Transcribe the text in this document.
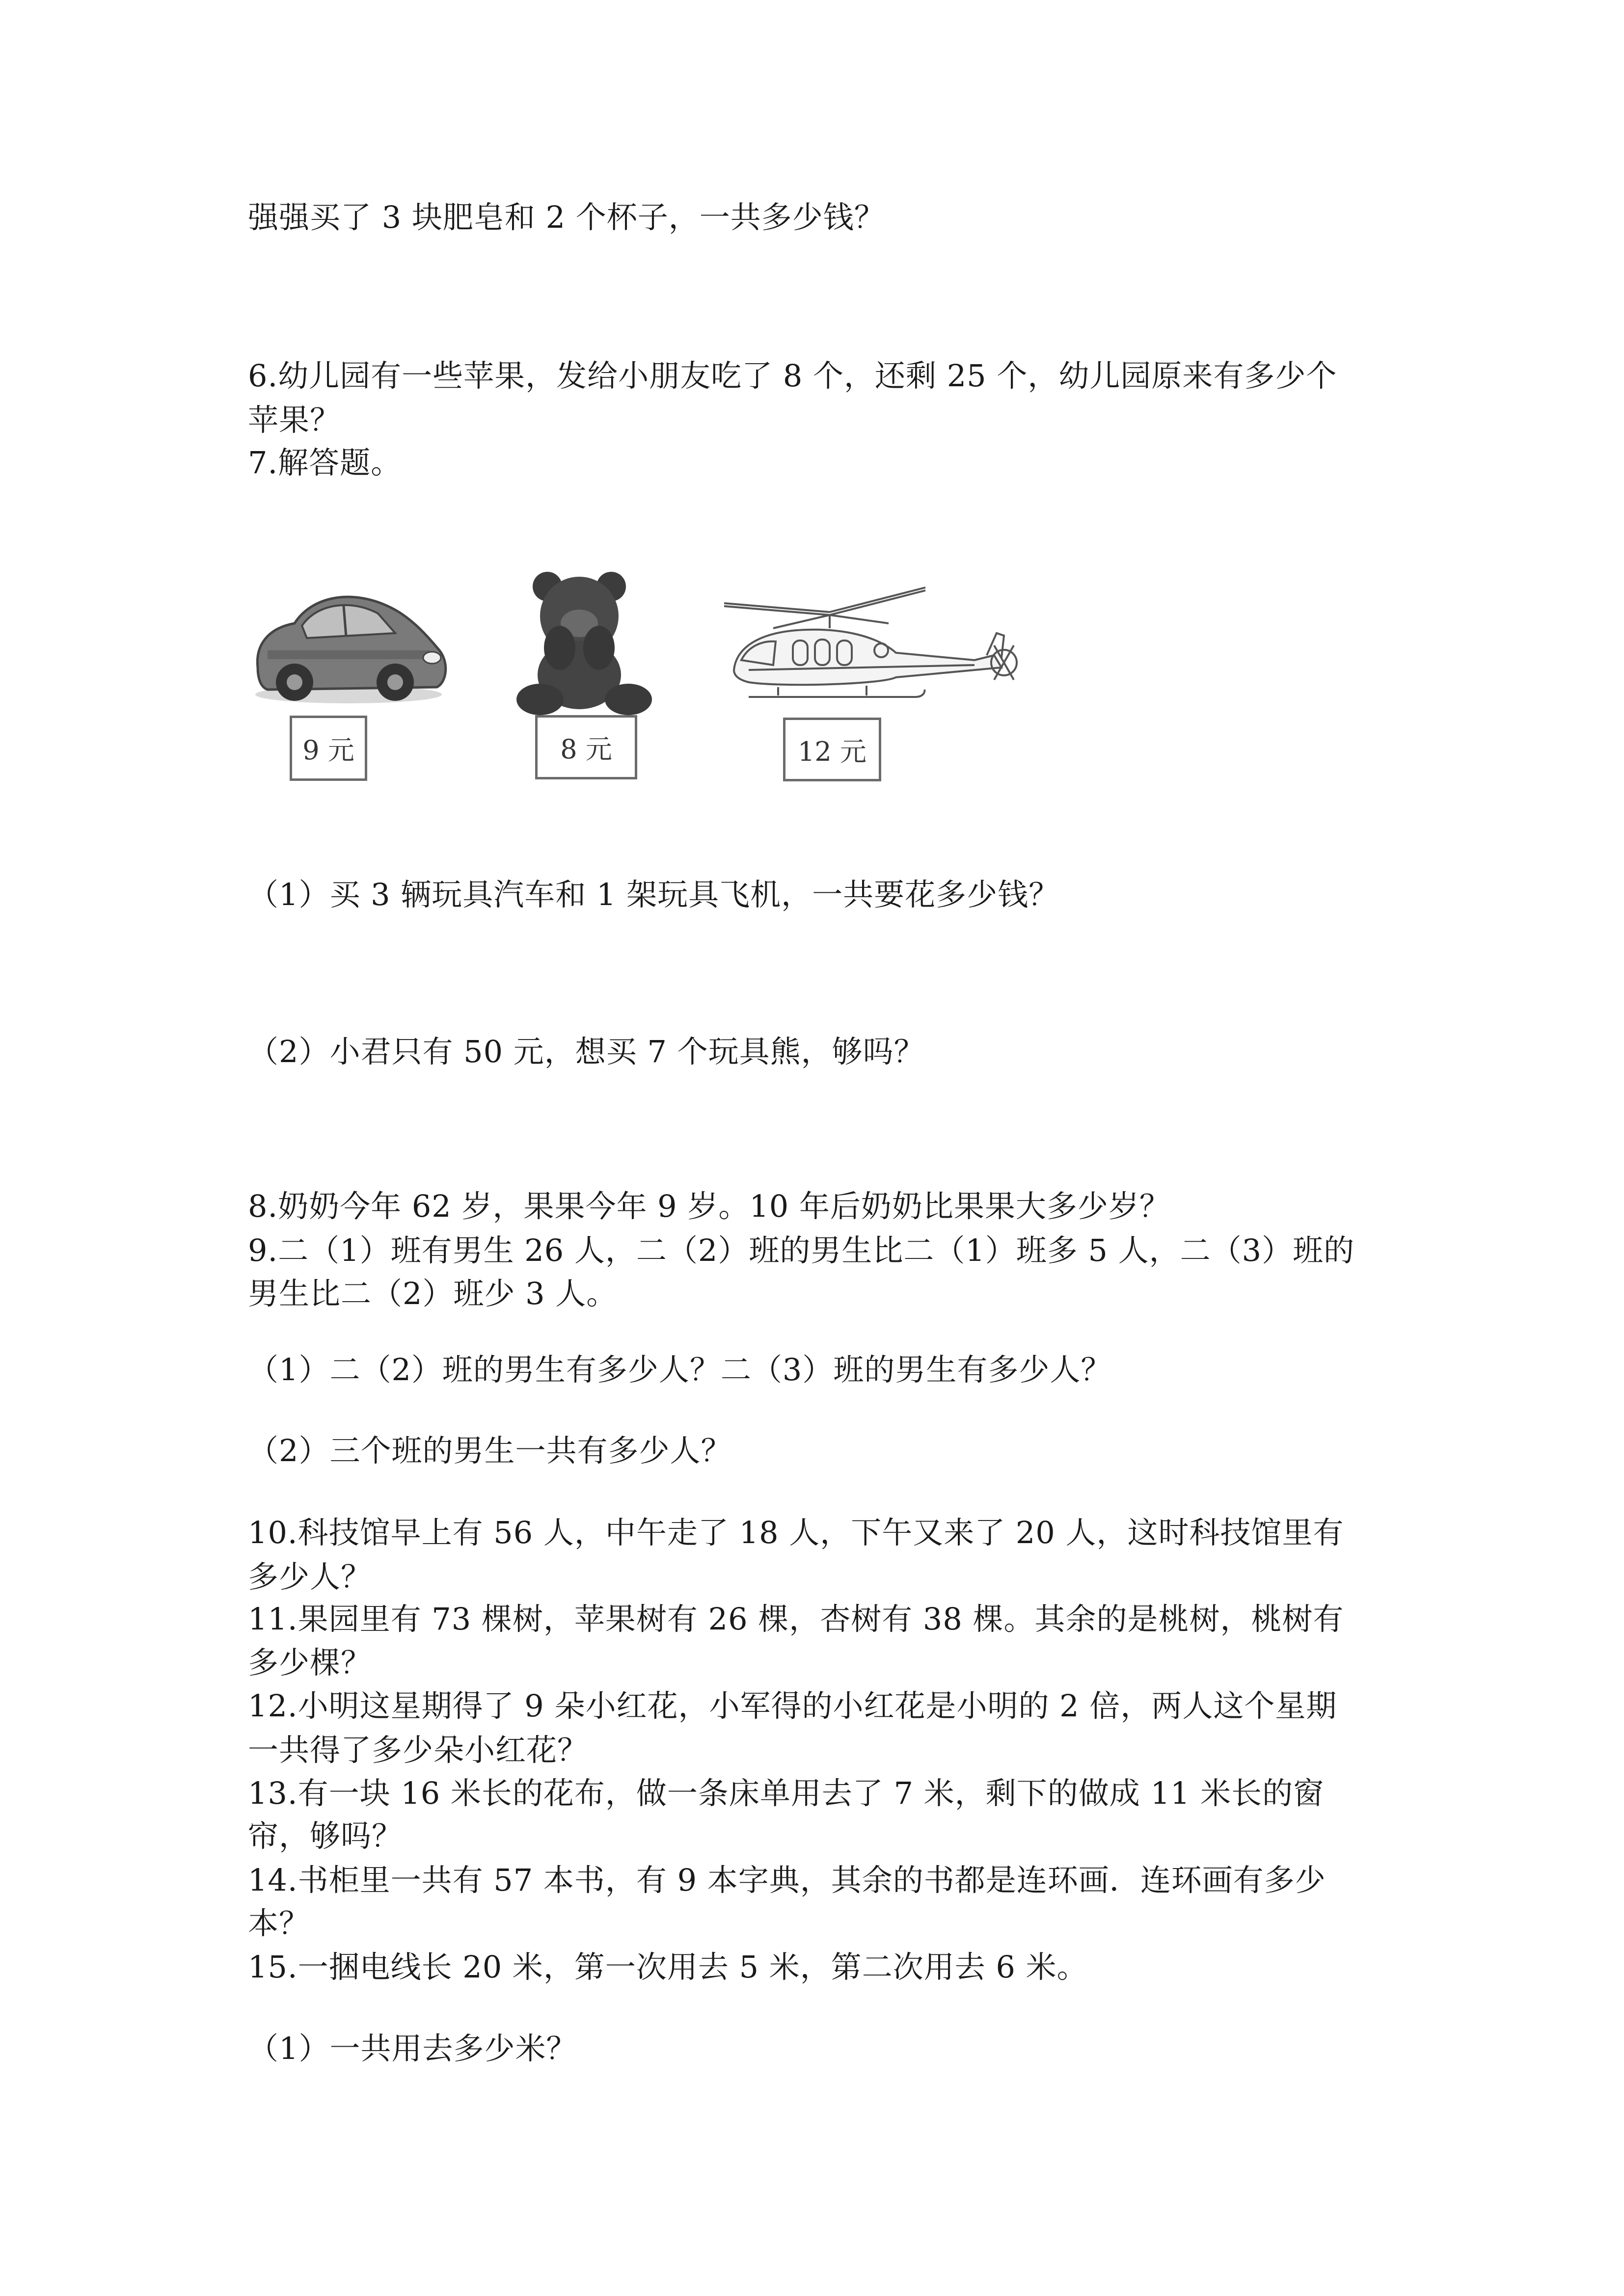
强强买了 3 块肥皂和 2 个杯子，一共多少钱？
6.幼儿园有一些苹果，发给小朋友吃了 8 个，还剩 25 个，幼儿园原来有多少个
苹果？
7.解答题。
9 元	8 元	12 元
（1）买 3 辆玩具汽车和 1 架玩具飞机，一共要花多少钱？
（2）小君只有 50 元，想买 7 个玩具熊，够吗？
8.奶奶今年 62 岁，果果今年 9 岁。10 年后奶奶比果果大多少岁？
9.二（1）班有男生 26 人，二（2）班的男生比二（1）班多 5 人，二（3）班的
男生比二（2）班少 3 人。
（1）二（2）班的男生有多少人？二（3）班的男生有多少人？
（2）三个班的男生一共有多少人？
10.科技馆早上有 56 人，中午走了 18 人，下午又来了 20 人，这时科技馆里有
多少人？
11.果园里有 73 棵树，苹果树有 26 棵，杏树有 38 棵。其余的是桃树，桃树有
多少棵？
12.小明这星期得了 9 朵小红花，小军得的小红花是小明的 2 倍，两人这个星期
一共得了多少朵小红花？
13.有一块 16 米长的花布，做一条床单用去了 7 米，剩下的做成 11 米长的窗
帘，够吗？
14.书柜里一共有 57 本书，有 9 本字典，其余的书都是连环画．连环画有多少
本？
15.一捆电线长 20 米，第一次用去 5 米，第二次用去 6 米。
（1）一共用去多少米？
